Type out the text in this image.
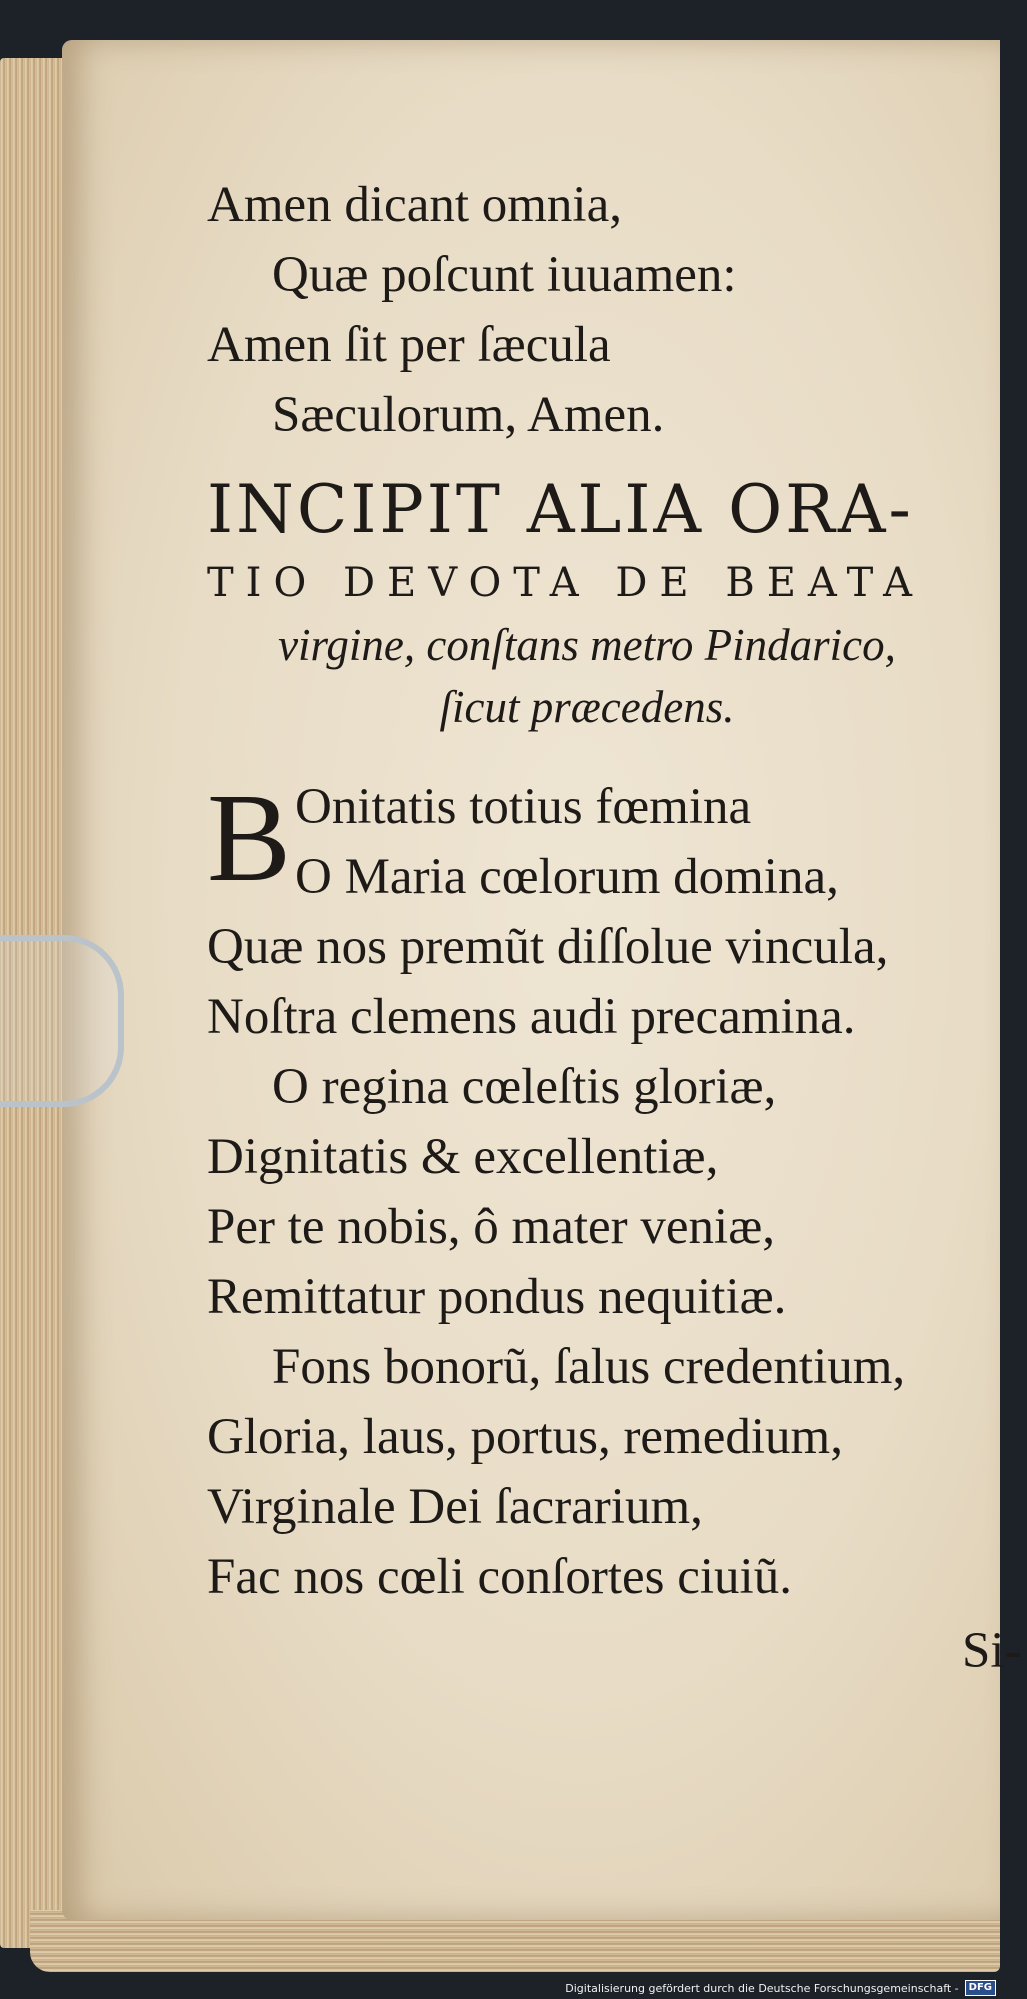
Amen dicant omnia,
Quæ poſcunt iuuamen:
Amen ſit per ſæcula
Sæculorum, Amen.
INCIPIT ALIA ORA-
TIO DEVOTA DE BEATA
virgine, conſtans metro Pindarico,
ſicut præcedens.
B Onitatis totius fœmina
O Maria cœlorum domina,
Quæ nos premũt diſſolue vincula,
Noſtra clemens audi precamina.
O regina cœleſtis gloriæ,
Dignitatis & excellentiæ,
Per te nobis, ô mater veniæ,
Remittatur pondus nequitiæ.
Fons bonorũ, ſalus credentium,
Gloria, laus, portus, remedium,
Virginale Dei ſacrarium,
Fac nos cœli conſortes ciuiũ.
Si-
Digitalisierung gefördert durch die Deutsche Forschungsgemeinschaft -	DFG
